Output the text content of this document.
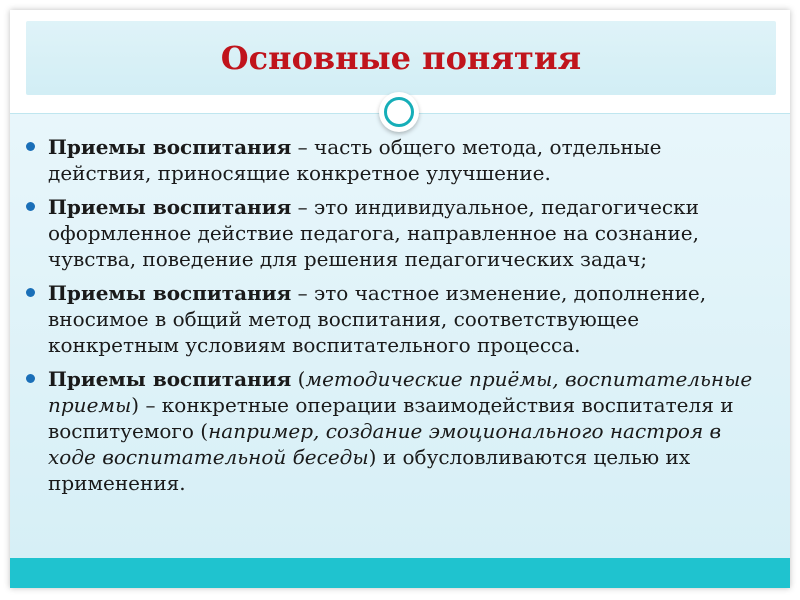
Основные понятия
Приемы воспитания – часть общего метода, отдельные действия, приносящие конкретное улучшение.
Приемы воспитания – это индивидуальное, педагогически оформленное действие педагога, направленное на сознание, чувства, поведение для решения педагогических задач;
Приемы воспитания – это частное изменение, дополнение, вносимое в общий метод воспитания, соответствующее конкретным условиям воспитательного процесса.
Приемы воспитания (методические приёмы, воспитательные приемы) – конкретные операции взаимодействия воспитателя и воспитуемого (например, создание эмоционального настроя в ходе воспитательной беседы) и обусловливаются целью их применения.
